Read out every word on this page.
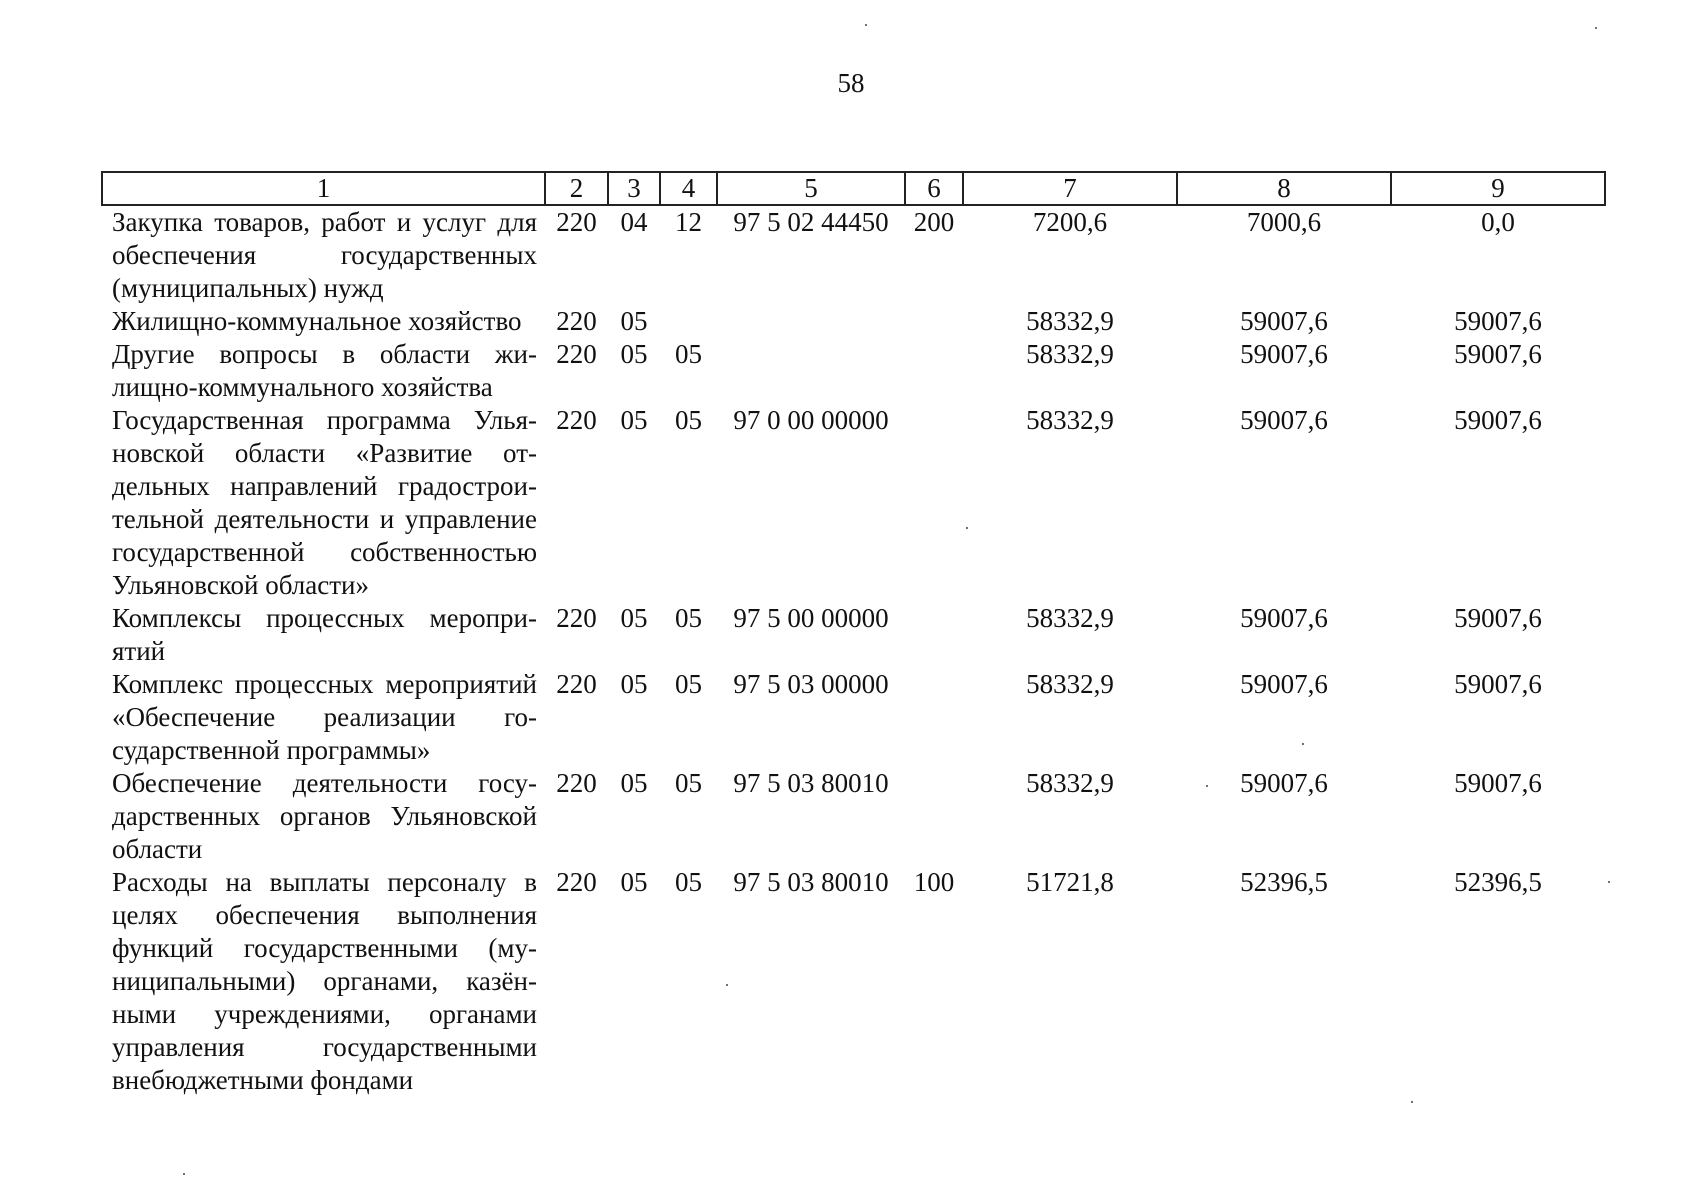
58
1	2	3	4	5	6	7	8	9
Закупка товаров, работ и услуг для обеспечения государственных (муниципальных) нужд	220	04	12	97 5 02 44450	200	7200,6	7000,6	0,0
Жилищно-коммунальное хозяйство	220	05				58332,9	59007,6	59007,6
Другие вопросы в области жилищно-коммунального хозяйства	220	05	05			58332,9	59007,6	59007,6
Государственная программа Ульяновской области «Развитие отдельных направлений градостроительной деятельности и управление государственной собственностью Ульяновской области»	220	05	05	97 0 00 00000		58332,9	59007,6	59007,6
Комплексы процессных мероприятий	220	05	05	97 5 00 00000		58332,9	59007,6	59007,6
Комплекс процессных мероприятий «Обеспечение реализации государственной программы»	220	05	05	97 5 03 00000		58332,9	59007,6	59007,6
Обеспечение деятельности государственных органов Ульяновской области	220	05	05	97 5 03 80010		58332,9	59007,6	59007,6
Расходы на выплаты персоналу в целях обеспечения выполнения функций государственными (муниципальными) органами, казёнными учреждениями, органами управления государственными внебюджетными фондами	220	05	05	97 5 03 80010	100	51721,8	52396,5	52396,5
